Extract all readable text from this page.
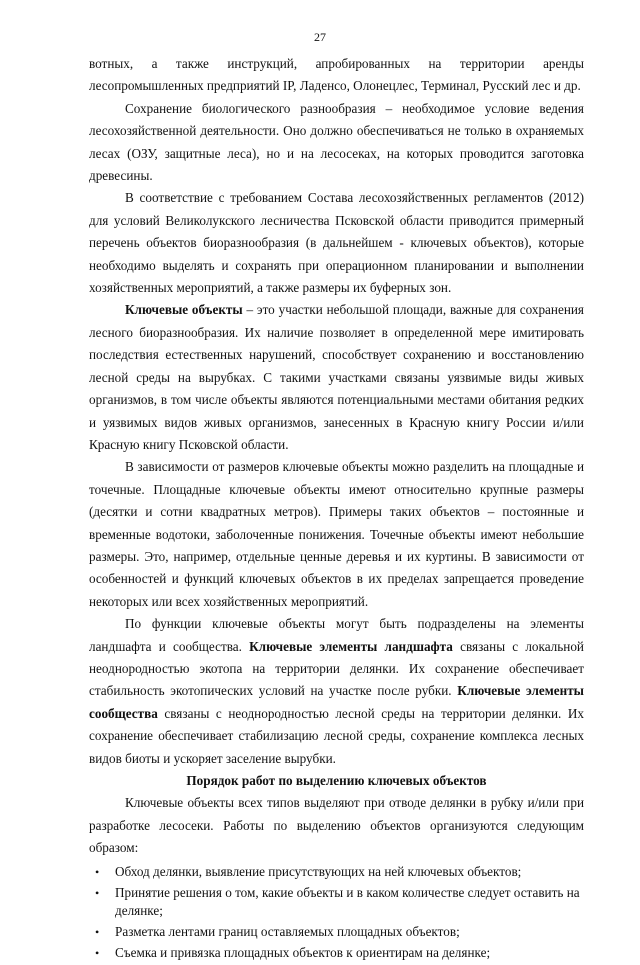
27

вотных, а также инструкций, апробированных на территории аренды лесопромышленных предприятий IP, Ладенсо, Олонецлес, Терминал, Русский лес и др.

Сохранение биологического разнообразия – необходимое условие ведения лесохозяйственной деятельности. Оно должно обеспечиваться не только в охраняемых лесах (ОЗУ, защитные леса), но и на лесосеках, на которых проводится заготовка древесины.

В соответствие с требованием Состава лесохозяйственных регламентов (2012) для условий Великолукского лесничества Псковской области приводится примерный перечень объектов биоразнообразия (в дальнейшем - ключевых объектов), которые необходимо выделять и сохранять при операционном планировании и выполнении хозяйственных мероприятий, а также размеры их буферных зон.

Ключевые объекты – это участки небольшой площади, важные для сохранения лесного биоразнообразия. Их наличие позволяет в определенной мере имитировать последствия естественных нарушений, способствует сохранению и восстановлению лесной среды на вырубках. С такими участками связаны уязвимые виды живых организмов, в том числе объекты являются потенциальными местами обитания редких и уязвимых видов живых организмов, занесенных в Красную книгу России и/или Красную книгу Псковской области.

В зависимости от размеров ключевые объекты можно разделить на площадные и точечные. Площадные ключевые объекты имеют относительно крупные размеры (десятки и сотни квадратных метров). Примеры таких объектов – постоянные и временные водотоки, заболоченные понижения. Точечные объекты имеют небольшие размеры. Это, например, отдельные ценные деревья и их куртины. В зависимости от особенностей и функций ключевых объектов в их пределах запрещается проведение некоторых или всех хозяйственных мероприятий.

По функции ключевые объекты могут быть подразделены на элементы ландшафта и сообщества. Ключевые элементы ландшафта связаны с локальной неоднородностью экотопа на территории делянки. Их сохранение обеспечивает стабильность экотопических условий на участке после рубки. Ключевые элементы сообщества связаны с неоднородностью лесной среды на территории делянки. Их сохранение обеспечивает стабилизацию лесной среды, сохранение комплекса лесных видов биоты и ускоряет заселение вырубки.

Порядок работ по выделению ключевых объектов

Ключевые объекты всех типов выделяют при отводе делянки в рубку и/или при разработке лесосеки. Работы по выделению объектов организуются следующим образом:

• Обход делянки, выявление присутствующих на ней ключевых объектов;
• Принятие решения о том, какие объекты и в каком количестве следует оставить на делянке;
• Разметка лентами границ оставляемых площадных объектов;
• Съемка и привязка площадных объектов к ориентирам на делянке;
